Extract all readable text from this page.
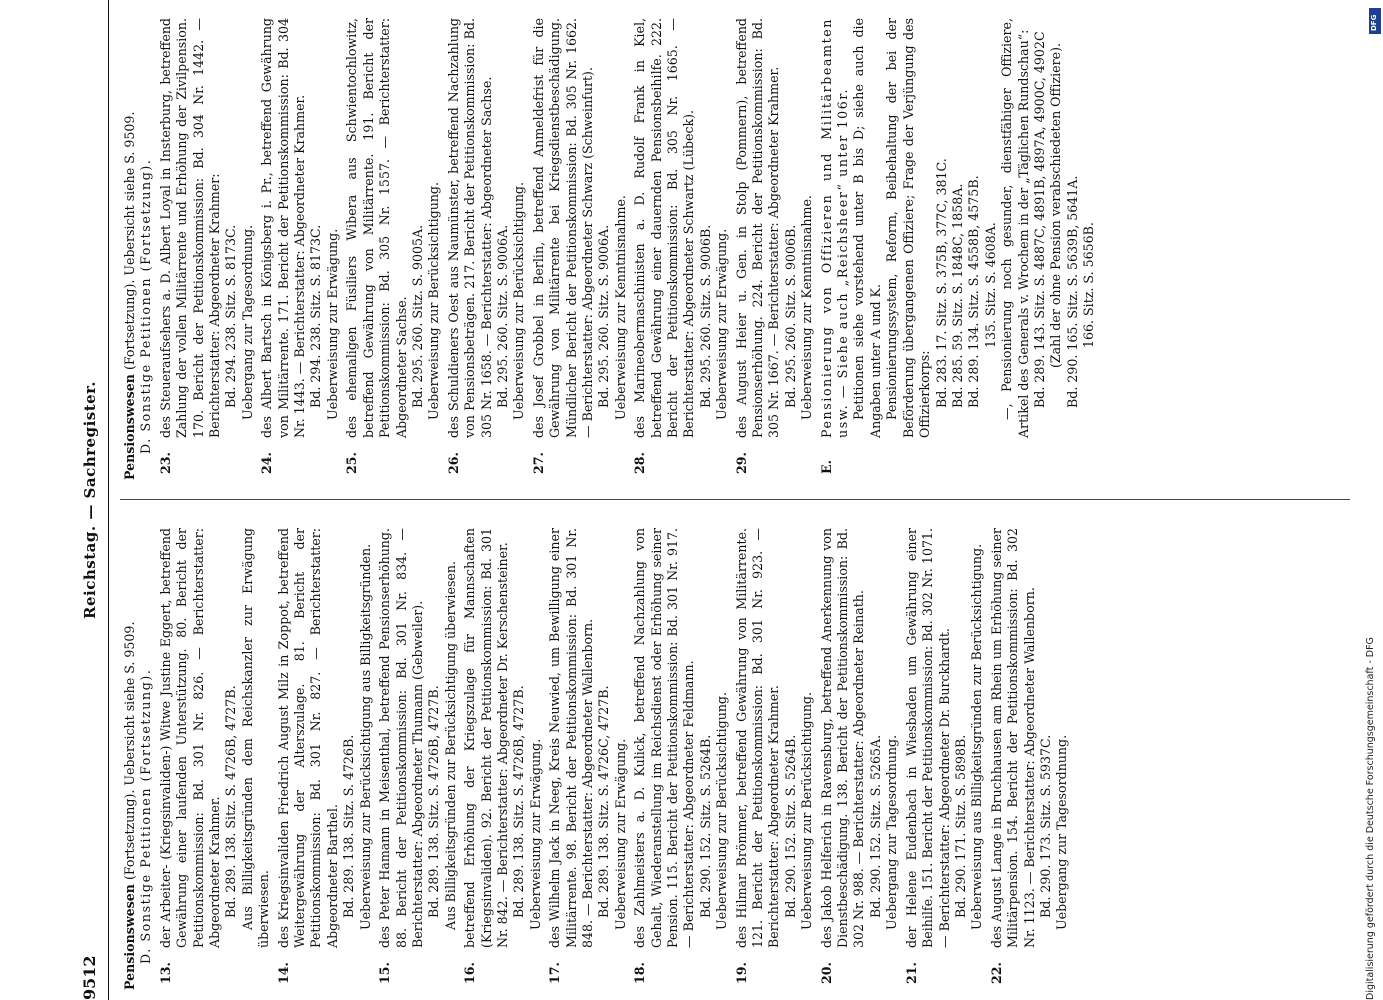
9512
Reichstag. — Sachregister.

Pensionswesen (Fortsetzung). Uebersicht siehe S. 9509. D. Sonstige Petitionen (Fortsetzung).

13.

der Arbeiter- (Kriegsinvaliden-) Witwe Justine Eggert, betreffend Gewährung einer laufenden Unterstützung. 80. Bericht der Petitionskommission: Bd. 301 Nr. 826. — Berichterstatter: Abgeordneter Krahmer. Bd. 289. 138. Sitz. S. 4726B, 4727B. Aus Billigkeitsgründen dem Reichskanzler zur Erwägung überwiesen.

14.

des Kriegsinvaliden Friedrich August Milz in Zoppot, betreffend Weitergewährung der Alterszulage. 81. Bericht der Petitionskommission: Bd. 301 Nr. 827. — Berichterstatter: Abgeordneter Barthel. Bd. 289. 138. Sitz. S. 4726B. Ueberweisung zur Berücksichtigung aus Billigkeitsgründen.

15.

des Peter Hamann in Meisenthal, betreffend Pensionserhöhung. 88. Bericht der Petitionskommission: Bd. 301 Nr. 834. — Berichterstatter: Abgeordneter Thumann (Gebweiler). Bd. 289. 138. Sitz. S. 4726B, 4727B. Aus Billigkeitsgründen zur Berücksichtigung überwiesen.

16.

betreffend Erhöhung der Kriegszulage für Mannschaften (Kriegsinvaliden). 92. Bericht der Petitionskommission: Bd. 301 Nr. 842. — Berichterstatter: Abgeordneter Dr. Kerschensteiner. Bd. 289. 138. Sitz. S. 4726B, 4727B. Ueberweisung zur Erwägung.

17.

des Wilhelm Jack in Neeg, Kreis Neuwied, um Bewilligung einer Militärrente. 98. Bericht der Petitionskommission: Bd. 301 Nr. 848. — Berichterstatter: Abgeordneter Wallenborn. Bd. 289. 138. Sitz. S. 4726C, 4727B. Ueberweisung zur Erwägung.

18.

des Zahlmeisters a. D. Kulick, betreffend Nachzahlung von Gehalt, Wiederanstellung im Reichsdienst oder Erhöhung seiner Pension. 115. Bericht der Petitionskommission: Bd. 301 Nr. 917. — Berichterstatter: Abgeordneter Feldmann. Bd. 290. 152. Sitz. S. 5264B. Ueberweisung zur Berücksichtigung.

19.

des Hilmar Brömmer, betreffend Gewährung von Militärrente. 121. Bericht der Petitionskommission: Bd. 301 Nr. 923. — Berichterstatter: Abgeordneter Krahmer. Bd. 290. 152. Sitz. S. 5264B. Ueberweisung zur Berücksichtigung.

20.

des Jakob Helferich in Ravensburg, betreffend Anerkennung von Dienstbeschädigung. 138. Bericht der Petitionskommission: Bd. 302 Nr. 988. — Berichterstatter: Abgeordneter Reinath. Bd. 290. 152. Sitz. S. 5265A. Uebergang zur Tagesordnung.

21.

der Helene Eudenbach in Wiesbaden um Gewährung einer Beihilfe. 151. Bericht der Petitionskommission: Bd. 302 Nr. 1071. — Berichterstatter: Abgeordneter Dr. Burckhardt. Bd. 290. 171. Sitz. S. 5898B. Ueberweisung aus Billigkeitsgründen zur Berücksichtigung.

22.

des August Lange in Bruchhausen am Rhein um Erhöhung seiner Militärpension. 154. Bericht der Petitionskommission: Bd. 302 Nr. 1123. — Berichterstatter: Abgeordneter Wallenborn. Bd. 290. 173. Sitz. S. 5937C. Uebergang zur Tagesordnung.

Pensionswesen (Fortsetzung). Uebersicht siehe S. 9509. D. Sonstige Petitionen (Fortsetzung).

23.

des Steueraufsehers a. D. Albert Loyal in Insterburg, betreffend Zahlung der vollen Militärrente und Erhöhung der Zivilpension. 170. Bericht der Petitionskommission: Bd. 304 Nr. 1442. — Berichterstatter: Abgeordneter Krahmer: Bd. 294. 238. Sitz. S. 8173C. Uebergang zur Tagesordnung.

24.

des Albert Bartsch in Königsberg i. Pr., betreffend Gewährung von Militärrente. 171. Bericht der Petitionskommission: Bd. 304 Nr. 1443. — Berichterstatter: Abgeordneter Krahmer. Bd. 294. 238. Sitz. S. 8173C. Ueberweisung zur Erwägung.

25.

des ehemaligen Füsiliers Wibera aus Schwientochlowitz, betreffend Gewährung von Militärrente. 191. Bericht der Petitionskommission: Bd. 305 Nr. 1557. — Berichterstatter: Abgeordneter Sachse. Bd. 295. 260. Sitz. S. 9005A. Ueberweisung zur Berücksichtigung.

26.

des Schuldieners Oest aus Naumünster, betreffend Nachzahlung von Pensionsbeträgen. 217. Bericht der Petitionskommission: Bd. 305 Nr. 1658. — Berichterstatter: Abgeordneter Sachse. Bd. 295. 260. Sitz. S. 9006A. Ueberweisung zur Berücksichtigung.

27.

des Josef Grobbel in Berlin, betreffend Anmeldefrist für die Gewährung von Militärrente bei Kriegsdienstbeschädigung. Mündlicher Bericht der Petitionskommission: Bd. 305 Nr. 1662. — Berichterstatter: Abgeordneter Schwarz (Schweinfurt). Bd. 295. 260. Sitz. S. 9006A. Ueberweisung zur Kenntnisnahme.

28.

des Marineobermaschinisten a. D. Rudolf Frank in Kiel, betreffend Gewährung einer dauernden Pensionsbeihilfe. 222. Bericht der Petitionskommission: Bd. 305 Nr. 1665. — Berichterstatter: Abgeordneter Schwartz (Lübeck). Bd. 295. 260. Sitz. S. 9006B. Ueberweisung zur Erwägung.

29.

des August Heier u. Gen. in Stolp (Pommern), betreffend Pensionserhöhung. 224. Bericht der Petitionskommission: Bd. 305 Nr. 1667. — Berichterstatter: Abgeordneter Krahmer. Bd. 295. 260. Sitz. S. 9006B. Ueberweisung zur Kenntnisnahme.

E.

Pensionierung von Offizieren und Militärbeamten usw. — Siehe auch „Reichsheer“ unter 106r. Petitionen siehe vorstehend unter B bis D; siehe auch die Angaben unter A und K. Pensionierungssystem, Reform, Beibehaltung der bei der Beförderung übergangenen Offiziere; Frage der Verjüngung des Offizierkorps: Bd. 283. 17. Sitz. S. 375B, 377C, 381C. Bd. 285. 59. Sitz. S. 1848C, 1858A. Bd. 289. 134. Sitz. S. 4558B, 4575B. 135. Sitz. S. 4608A. —, Pensionierung noch gesunder, dienstfähiger Offiziere, Artikel des Generals v. Wrochem in der „Täglichen Rundschau“: Bd. 289. 143. Sitz. S. 4887C, 4891B, 4897A, 4900C, 4902C (Zahl der ohne Pension verabschiedeten Offiziere). Bd. 290. 165. Sitz. S. 5639B, 5641A. 166. Sitz. S. 5656B.

Digitalisierung gefördert durch die Deutsche Forschungsgemeinschaft - DFG
DFG
